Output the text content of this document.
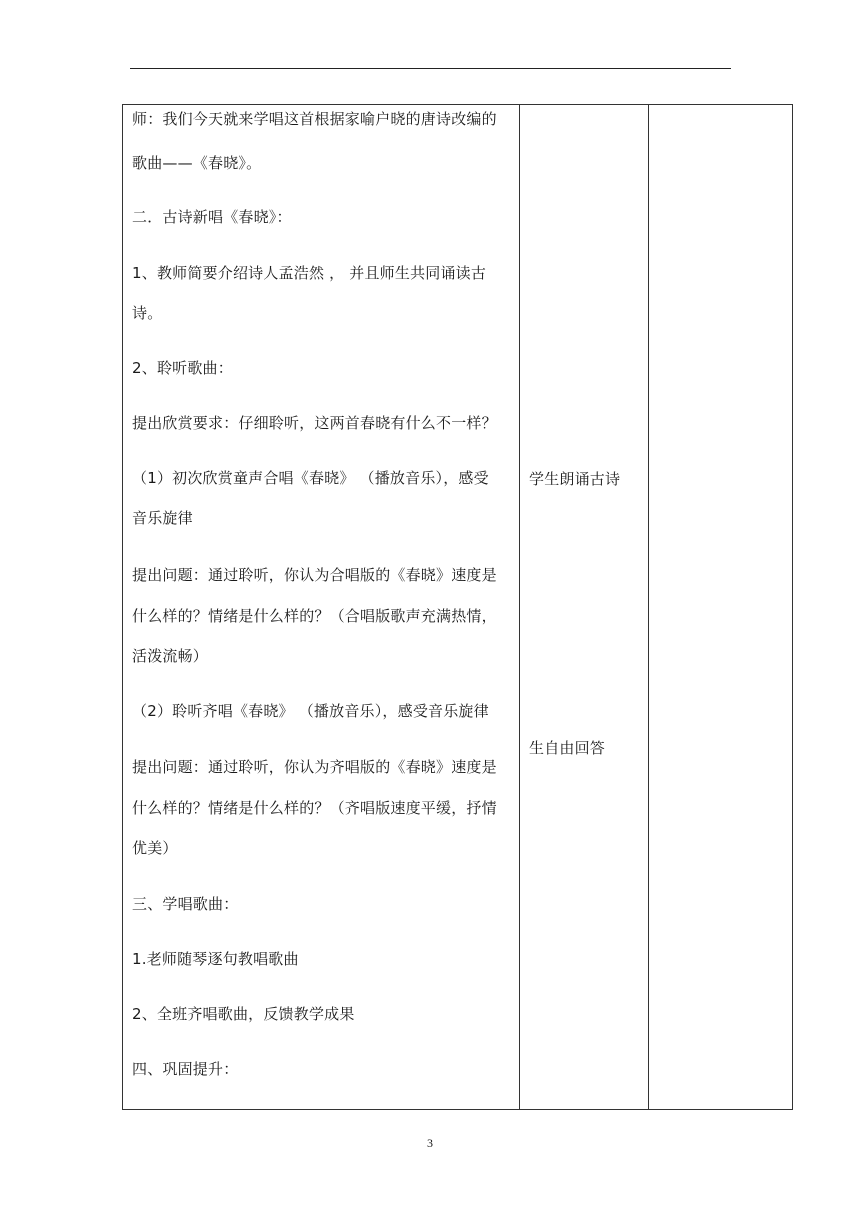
师：我们今天就来学唱这首根据家喻户晓的唐诗改编的
歌曲——《春晓》。
二．古诗新唱《春晓》：
1、教师简要介绍诗人孟浩然 ， 并且师生共同诵读古
诗。
2、聆听歌曲：
提出欣赏要求：仔细聆听，这两首春晓有什么不一样？
（1）初次欣赏童声合唱《春晓》 （播放音乐），感受
音乐旋律
提出问题：通过聆听，你认为合唱版的《春晓》速度是
什么样的？情绪是什么样的？（合唱版歌声充满热情，
活泼流畅）
（2）聆听齐唱《春晓》 （播放音乐），感受音乐旋律
提出问题：通过聆听，你认为齐唱版的《春晓》速度是
什么样的？情绪是什么样的？（齐唱版速度平缓，抒情
优美）
三、学唱歌曲：
1.老师随琴逐句教唱歌曲
2、全班齐唱歌曲，反馈教学成果
四、巩固提升：
学生朗诵古诗
生自由回答
3
